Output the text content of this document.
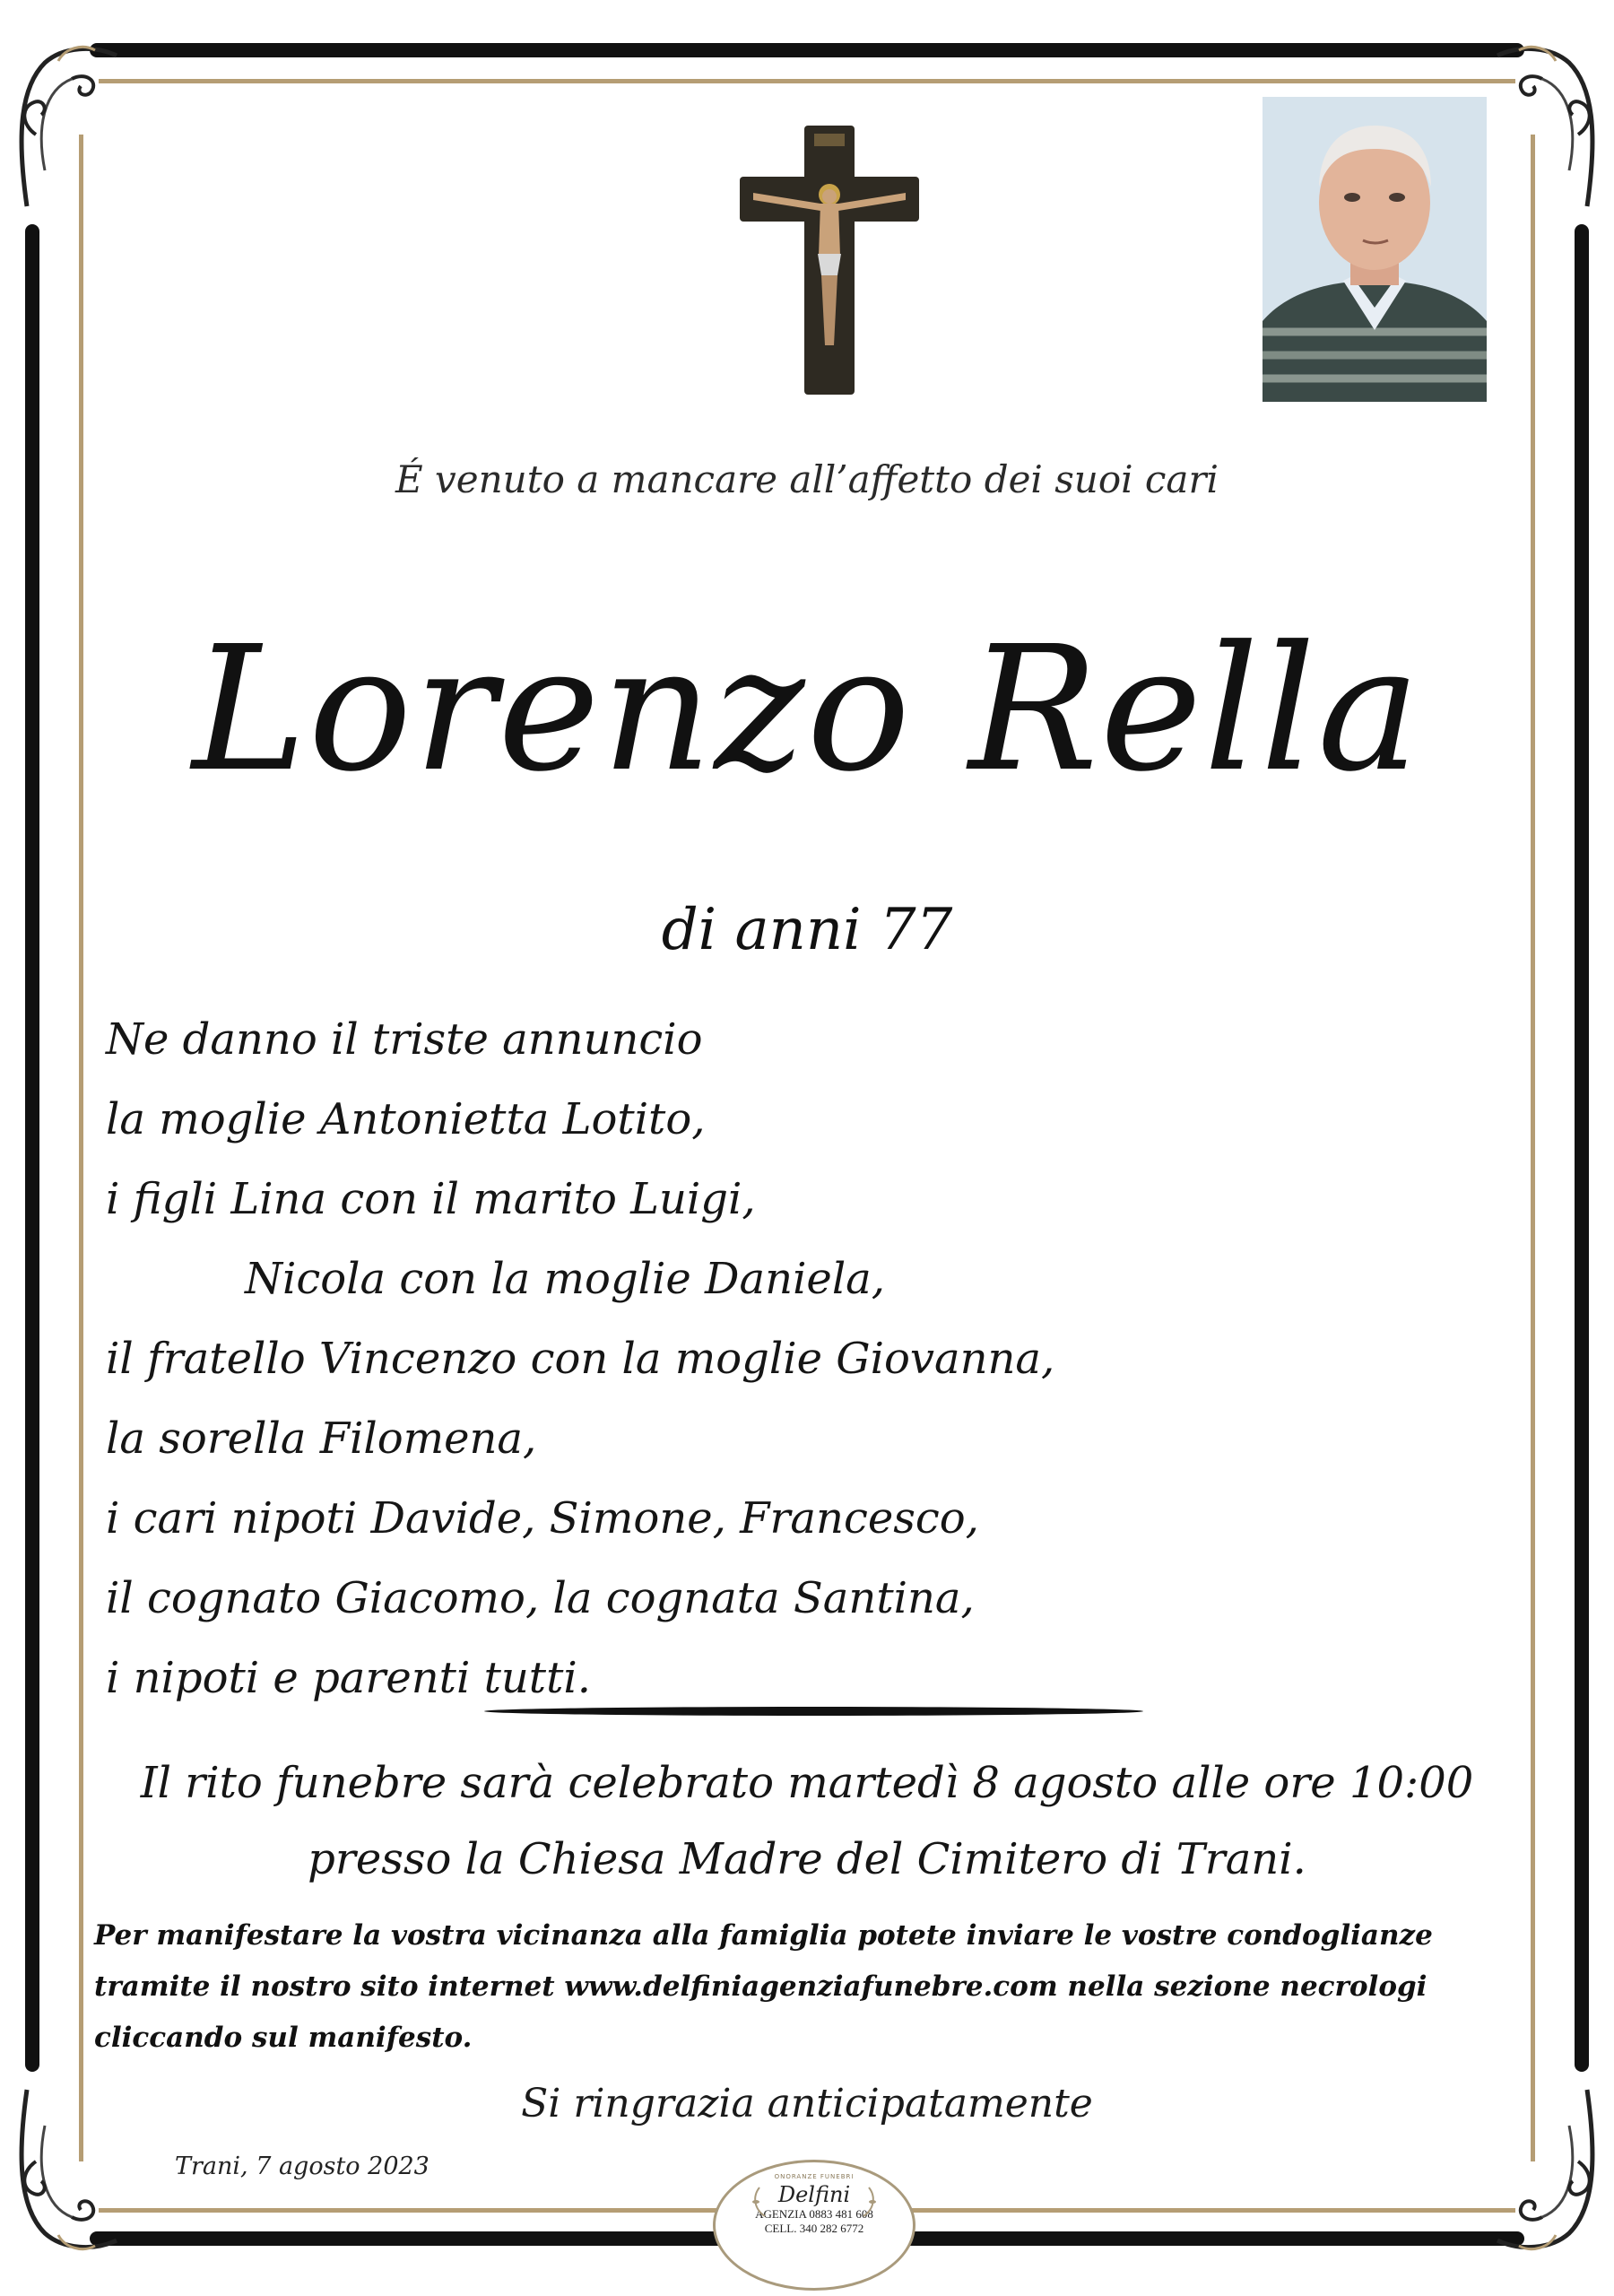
É venuto a mancare all’affetto dei suoi cari
Lorenzo Rella
di anni 77
Ne danno il triste annuncio
la moglie Antonietta Lotito,
i figli Lina con il marito Luigi,
Nicola con la moglie Daniela,
il fratello Vincenzo con la moglie Giovanna,
la sorella Filomena,
i cari nipoti Davide, Simone, Francesco,
il cognato Giacomo, la cognata Santina,
i nipoti e parenti tutti.
Il rito funebre sarà celebrato martedì 8 agosto alle ore 10:00
presso la Chiesa Madre del Cimitero di Trani.
Per manifestare la vostra vicinanza alla famiglia potete inviare le vostre condoglianze
tramite il nostro sito internet www.delfiniagenziafunebre.com nella sezione necrologi
cliccando sul manifesto.
Si ringrazia anticipatamente
Trani, 7 agosto 2023	ONORANZE FUNEBRI
Delfini
AGENZIA 0883 481 608
CELL. 340 282 6772
